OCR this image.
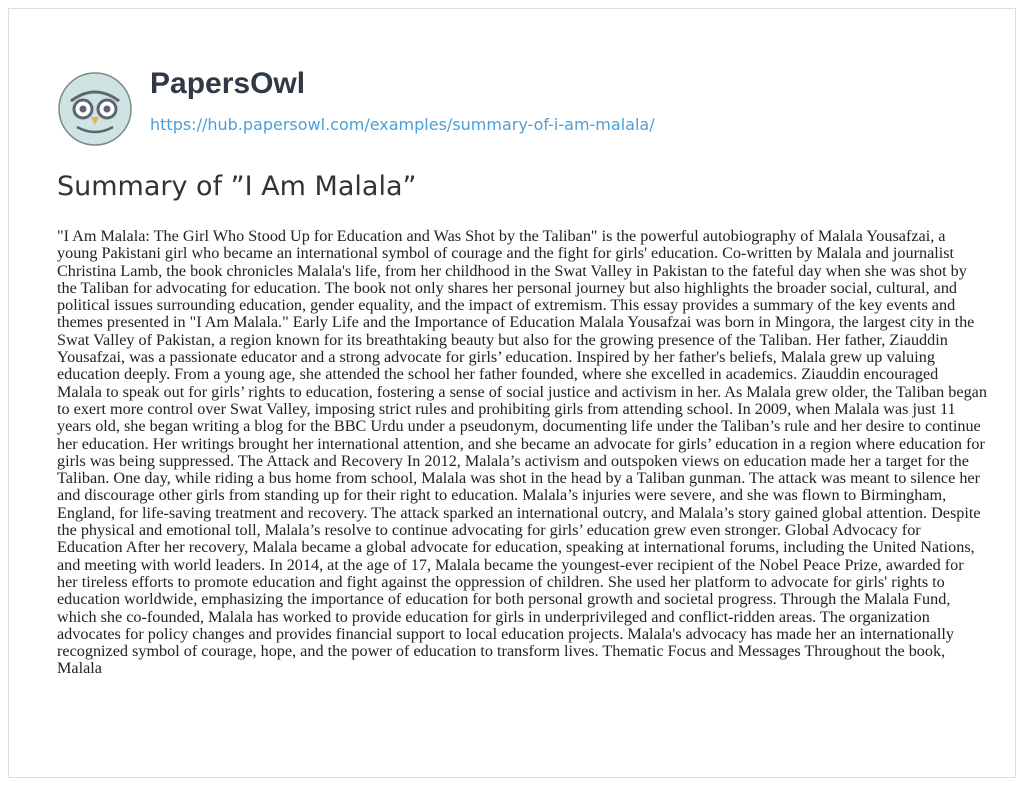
PapersOwl
https://hub.papersowl.com/examples/summary-of-i-am-malala/
Summary of ”I Am Malala”

"I Am Malala: The Girl Who Stood Up for Education and Was Shot by the Taliban" is the powerful autobiography of Malala Yousafzai, a young Pakistani girl who became an international symbol of courage and the fight for girls' education. Co-written by Malala and journalist Christina Lamb, the book chronicles Malala's life, from her childhood in the Swat Valley in Pakistan to the fateful day when she was shot by the Taliban for advocating for education. The book not only shares her personal journey but also highlights the broader social, cultural, and political issues surrounding education, gender equality, and the impact of extremism. This essay provides a summary of the key events and themes presented in "I Am Malala." Early Life and the Importance of Education Malala Yousafzai was born in Mingora, the largest city in the Swat Valley of Pakistan, a region known for its breathtaking beauty but also for the growing presence of the Taliban. Her father, Ziauddin Yousafzai, was a passionate educator and a strong advocate for girls’ education. Inspired by her father's beliefs, Malala grew up valuing education deeply. From a young age, she attended the school her father founded, where she excelled in academics. Ziauddin encouraged Malala to speak out for girls’ rights to education, fostering a sense of social justice and activism in her. As Malala grew older, the Taliban began to exert more control over Swat Valley, imposing strict rules and prohibiting girls from attending school. In 2009, when Malala was just 11 years old, she began writing a blog for the BBC Urdu under a pseudonym, documenting life under the Taliban’s rule and her desire to continue her education. Her writings brought her international attention, and she became an advocate for girls’ education in a region where education for girls was being suppressed. The Attack and Recovery In 2012, Malala’s activism and outspoken views on education made her a target for the Taliban. One day, while riding a bus home from school, Malala was shot in the head by a Taliban gunman. The attack was meant to silence her and discourage other girls from standing up for their right to education. Malala’s injuries were severe, and she was flown to Birmingham, England, for life-saving treatment and recovery. The attack sparked an international outcry, and Malala’s story gained global attention. Despite the physical and emotional toll, Malala’s resolve to continue advocating for girls’ education grew even stronger. Global Advocacy for Education After her recovery, Malala became a global advocate for education, speaking at international forums, including the United Nations, and meeting with world leaders. In 2014, at the age of 17, Malala became the youngest-ever recipient of the Nobel Peace Prize, awarded for her tireless efforts to promote education and fight against the oppression of children. She used her platform to advocate for girls' rights to education worldwide, emphasizing the importance of education for both personal growth and societal progress. Through the Malala Fund, which she co-founded, Malala has worked to provide education for girls in underprivileged and conflict-ridden areas. The organization advocates for policy changes and provides financial support to local education projects. Malala's advocacy has made her an internationally recognized symbol of courage, hope, and the power of education to transform lives. Thematic Focus and Messages Throughout the book, Malala
